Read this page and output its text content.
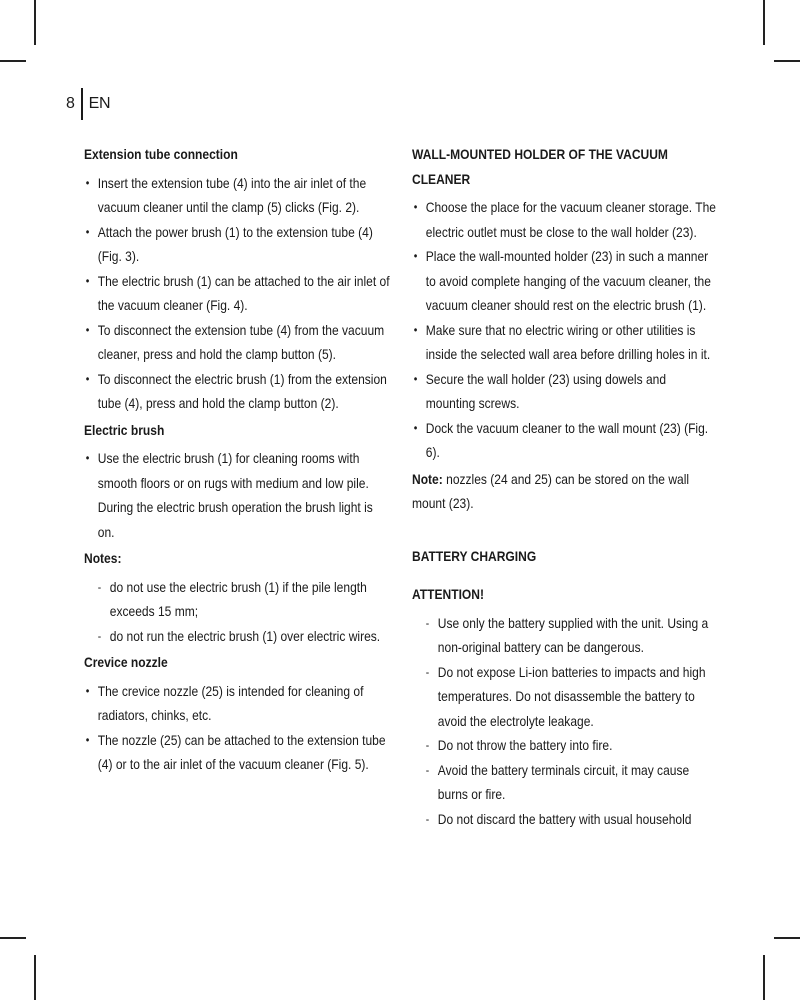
8 EN

Extension tube connection

• Insert the extension tube (4) into the air inlet of the vacuum cleaner until the clamp (5) clicks (Fig. 2).
• Attach the power brush (1) to the extension tube (4) (Fig. 3).
• The electric brush (1) can be attached to the air inlet of the vacuum cleaner (Fig. 4).
• To disconnect the extension tube (4) from the vacuum cleaner, press and hold the clamp button (5).
• To disconnect the electric brush (1) from the extension tube (4), press and hold the clamp button (2).

Electric brush

• Use the electric brush (1) for cleaning rooms with smooth floors or on rugs with medium and low pile. During the electric brush operation the brush light is on.

Notes:

- do not use the electric brush (1) if the pile length exceeds 15 mm;
- do not run the electric brush (1) over electric wires.

Crevice nozzle

• The crevice nozzle (25) is intended for cleaning of radiators, chinks, etc.
• The nozzle (25) can be attached to the extension tube (4) or to the air inlet of the vacuum cleaner (Fig. 5).

WALL-MOUNTED HOLDER OF THE VACUUM CLEANER

• Choose the place for the vacuum cleaner storage. The electric outlet must be close to the wall holder (23).
• Place the wall-mounted holder (23) in such a manner to avoid complete hanging of the vacuum cleaner, the vacuum cleaner should rest on the electric brush (1).
• Make sure that no electric wiring or other utilities is inside the selected wall area before drilling holes in it.
• Secure the wall holder (23) using dowels and mounting screws.
• Dock the vacuum cleaner to the wall mount (23) (Fig. 6).

Note: nozzles (24 and 25) can be stored on the wall mount (23).

BATTERY CHARGING

ATTENTION!

- Use only the battery supplied with the unit. Using a non-original battery can be dangerous.
- Do not expose Li-ion batteries to impacts and high temperatures. Do not disassemble the battery to avoid the electrolyte leakage.
- Do not throw the battery into fire.
- Avoid the battery terminals circuit, it may cause burns or fire.
- Do not discard the battery with usual household
